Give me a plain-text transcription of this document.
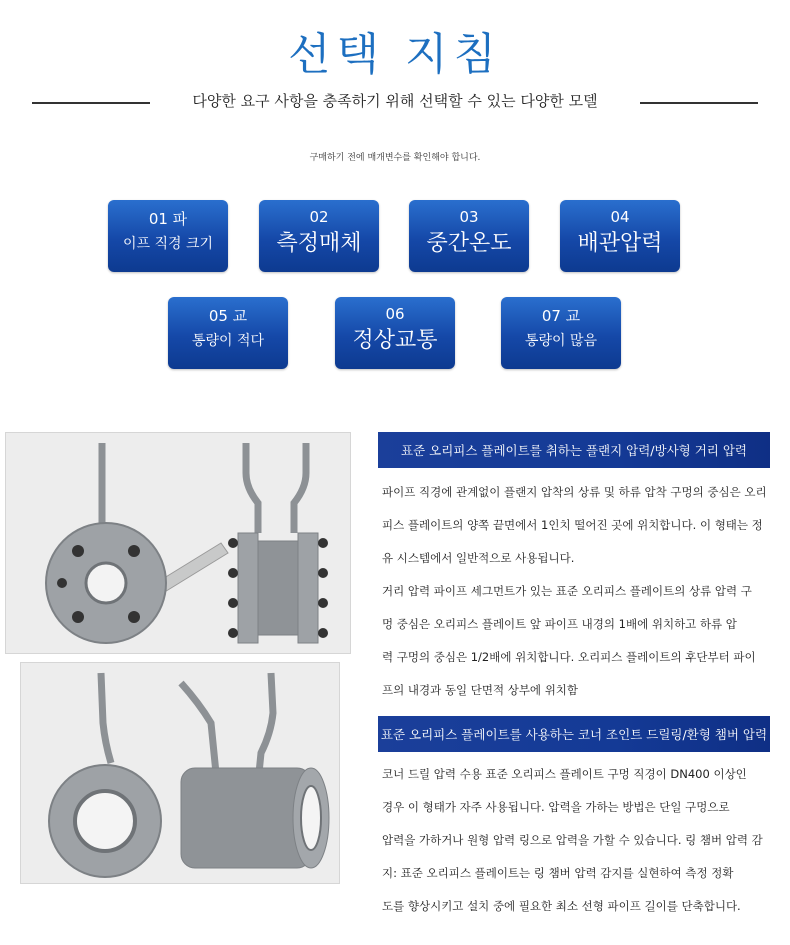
선택 지침
다양한 요구 사항을 충족하기 위해 선택할 수 있는 다양한 모델
구매하기 전에 매개변수를 확인해야 합니다.
01 파
이프 직경 크기
02
측정매체
03
중간온도
04
배관압력
05 교
통량이 적다
06
정상교통
07 교
통량이 많음
표준 오리피스 플레이트를 취하는 플랜지 압력/방사형 거리 압력
파이프 직경에 관계없이 플랜지 압착의 상류 및 하류 압착 구멍의 중심은 오리
피스 플레이트의 양쪽 끝면에서 1인치 떨어진 곳에 위치합니다. 이 형태는 정
유 시스템에서 일반적으로 사용됩니다.
거리 압력 파이프 세그먼트가 있는 표준 오리피스 플레이트의 상류 압력 구
멍 중심은 오리피스 플레이트 앞 파이프 내경의 1배에 위치하고 하류 압
력 구멍의 중심은 1/2배에 위치합니다. 오리피스 플레이트의 후단부터 파이
프의 내경과 동일 단면적 상부에 위치함
표준 오리피스 플레이트를 사용하는 코너 조인트 드릴링/환형 챔버 압력
코너 드릴 압력 수용 표준 오리피스 플레이트 구멍 직경이 DN400 이상인
경우 이 형태가 자주 사용됩니다. 압력을 가하는 방법은 단일 구멍으로
압력을 가하거나 원형 압력 링으로 압력을 가할 수 있습니다. 링 챔버 압력 감
지: 표준 오리피스 플레이트는 링 챔버 압력 감지를 실현하여 측정 정확
도를 향상시키고 설치 중에 필요한 최소 선형 파이프 길이를 단축합니다.
